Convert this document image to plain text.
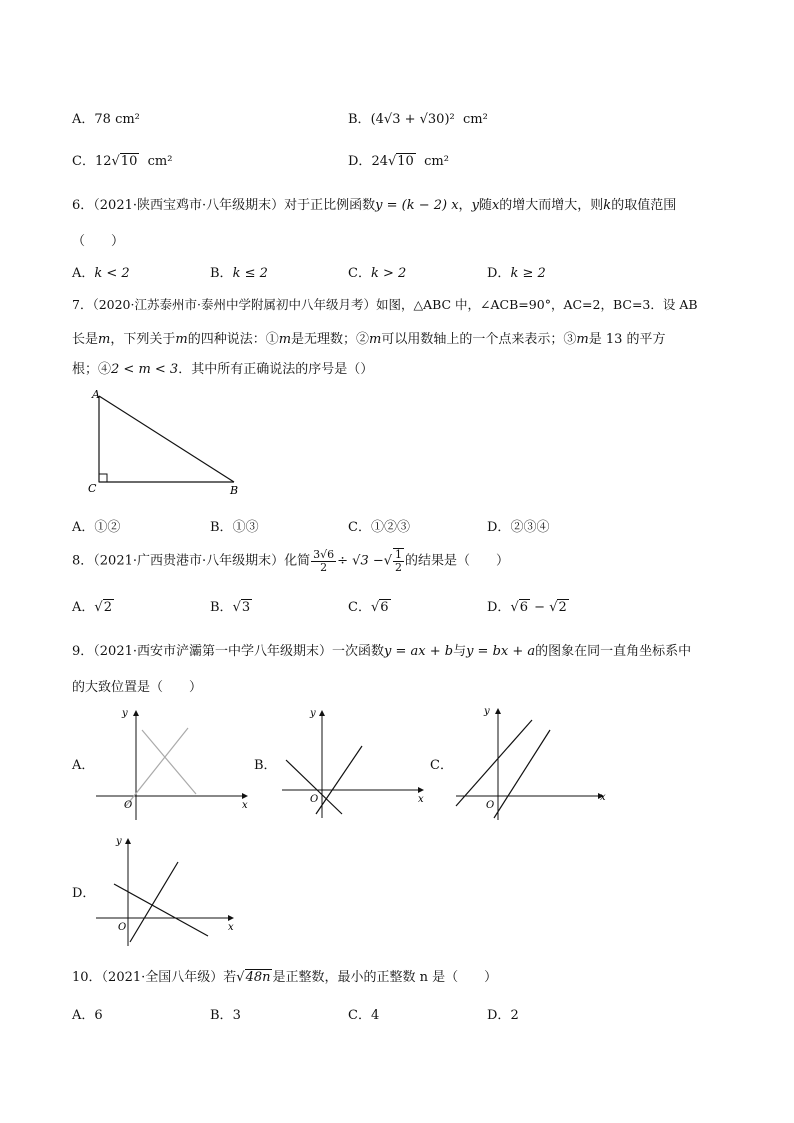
A．78 cm²	B．(4√3 + √30)² cm²
C．12√10 cm²	D．24√10 cm²
6．（2021·陕西宝鸡市·八年级期末）对于正比例函数y = (k − 2) x，y随x的增大而增大，则k的取值范围
（　　）
A．k < 2	B．k ≤ 2	C．k > 2	D．k ≥ 2
7．（2020·江苏泰州市·泰州中学附属初中八年级月考）如图，△ABC 中，∠ACB=90°，AC=2，BC=3．设 AB
长是m，下列关于m的四种说法：①m是无理数；②m可以用数轴上的一个点来表示；③m是 13 的平方
根；④2 < m < 3．其中所有正确说法的序号是（）
A
C	B
A．①②	B．①③	C．①②③	D．②③④
8．（2021·广西贵港市·八年级期末）化简 $\frac{3√6}{2} \div √3$ −√ $\frac{1}{2}$ 的结果是（　　）
A．√2	B．√3	C．√6	D．√6 − √2
9．（2021·西安市浐灞第一中学八年级期末）一次函数y = ax + b与y = bx + a的图象在同一直角坐标系中
的大致位置是（　　）
A．
O	x
y
B．
O	x
y
C．
O
x
y
D．
O	x
y
10．（2021·全国八年级）若√48n 是正整数，最小的正整数 n 是（　　）
A．6	B．3	C．4	D．2
